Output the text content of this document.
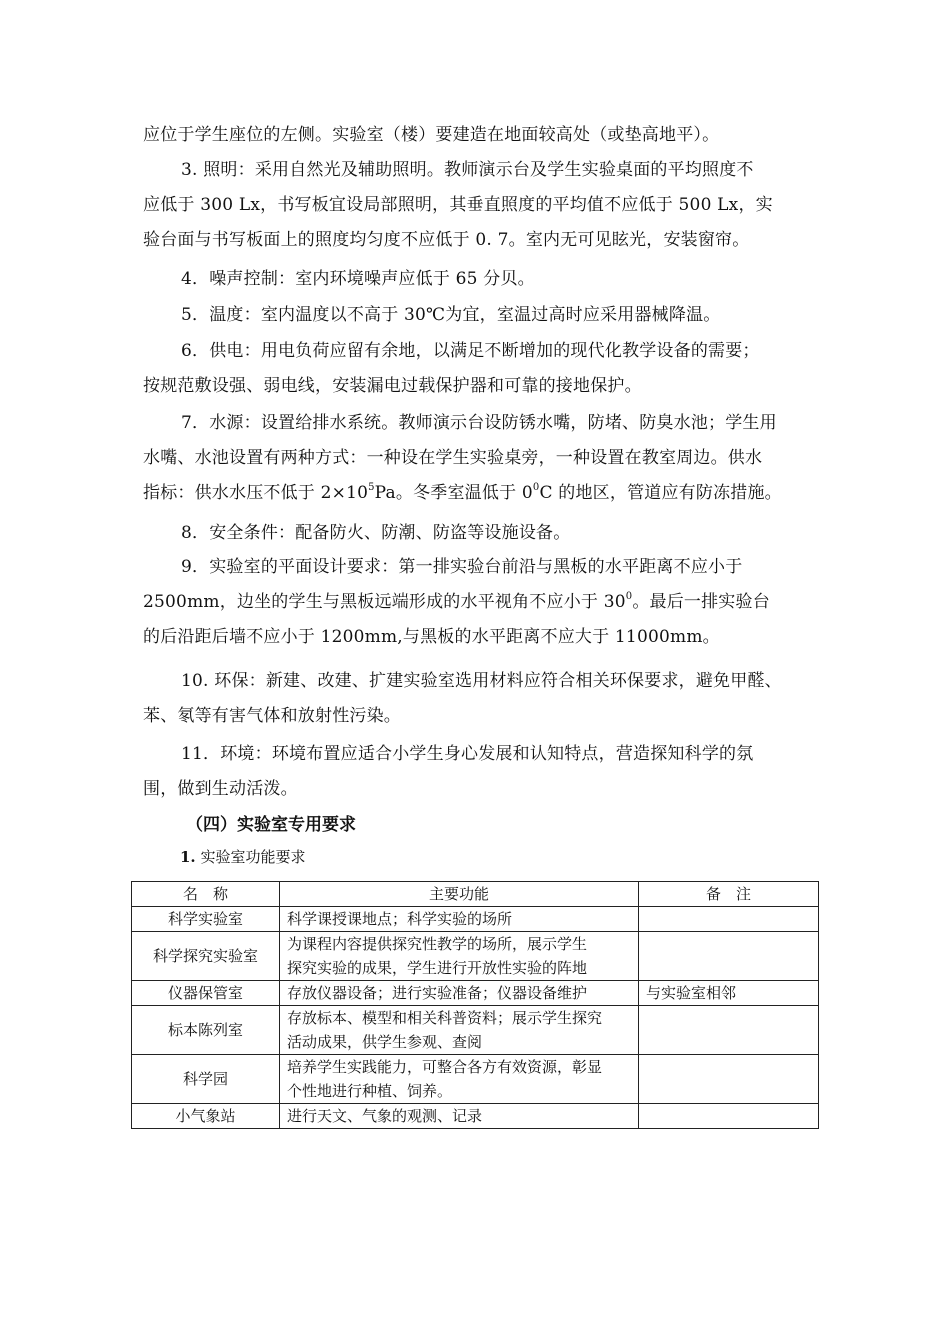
应位于学生座位的左侧。实验室（楼）要建造在地面较高处（或垫高地平）。
3. 照明：采用自然光及辅助照明。教师演示台及学生实验桌面的平均照度不
应低于 300 Lx，书写板宜设局部照明，其垂直照度的平均值不应低于 500 Lx，实
验台面与书写板面上的照度均匀度不应低于 0. 7。室内无可见眩光，安装窗帘。
4．噪声控制：室内环境噪声应低于 65 分贝。
5．温度：室内温度以不高于 30℃为宜，室温过高时应采用器械降温。
6．供电：用电负荷应留有余地，以满足不断增加的现代化教学设备的需要；
按规范敷设强、弱电线，安装漏电过载保护器和可靠的接地保护。
7．水源：设置给排水系统。教师演示台设防锈水嘴，防堵、防臭水池；学生用
水嘴、水池设置有两种方式：一种设在学生实验桌旁，一种设置在教室周边。供水
指标：供水水压不低于 $2\times 10^5Pa$。冬季室温低于 $0^0C$ 的地区，管道应有防冻措施。
8．安全条件：配备防火、防潮、防盗等设施设备。
9．实验室的平面设计要求：第一排实验台前沿与黑板的水平距离不应小于
2500mm，边坐的学生与黑板远端形成的水平视角不应小于 $30^0$。最后一排实验台
的后沿距后墙不应小于 1200mm,与黑板的水平距离不应大于 11000mm。
10. 环保：新建、改建、扩建实验室选用材料应符合相关环保要求，避免甲醛、
苯、氡等有害气体和放射性污染。
11．环境：环境布置应适合小学生身心发展和认知特点，营造探知科学的氛
围，做到生动活泼。
（四）实验室专用要求
1. 实验室功能要求
名　称	主要功能	备　注
科学实验室	科学课授课地点；科学实验的场所	

科学探究实验室	为课程内容提供探究性教学的场所，展示学生
探究实验的成果，学生进行开放性实验的阵地	

仪器保管室	存放仪器设备；进行实验准备；仪器设备维护	与实验室相邻
标本陈列室	存放标本、模型和相关科普资料；展示学生探究
活动成果，供学生参观、查阅	

科学园	培养学生实践能力，可整合各方有效资源，彰显
个性地进行种植、饲养。	

小气象站	进行天文、气象的观测、记录	
